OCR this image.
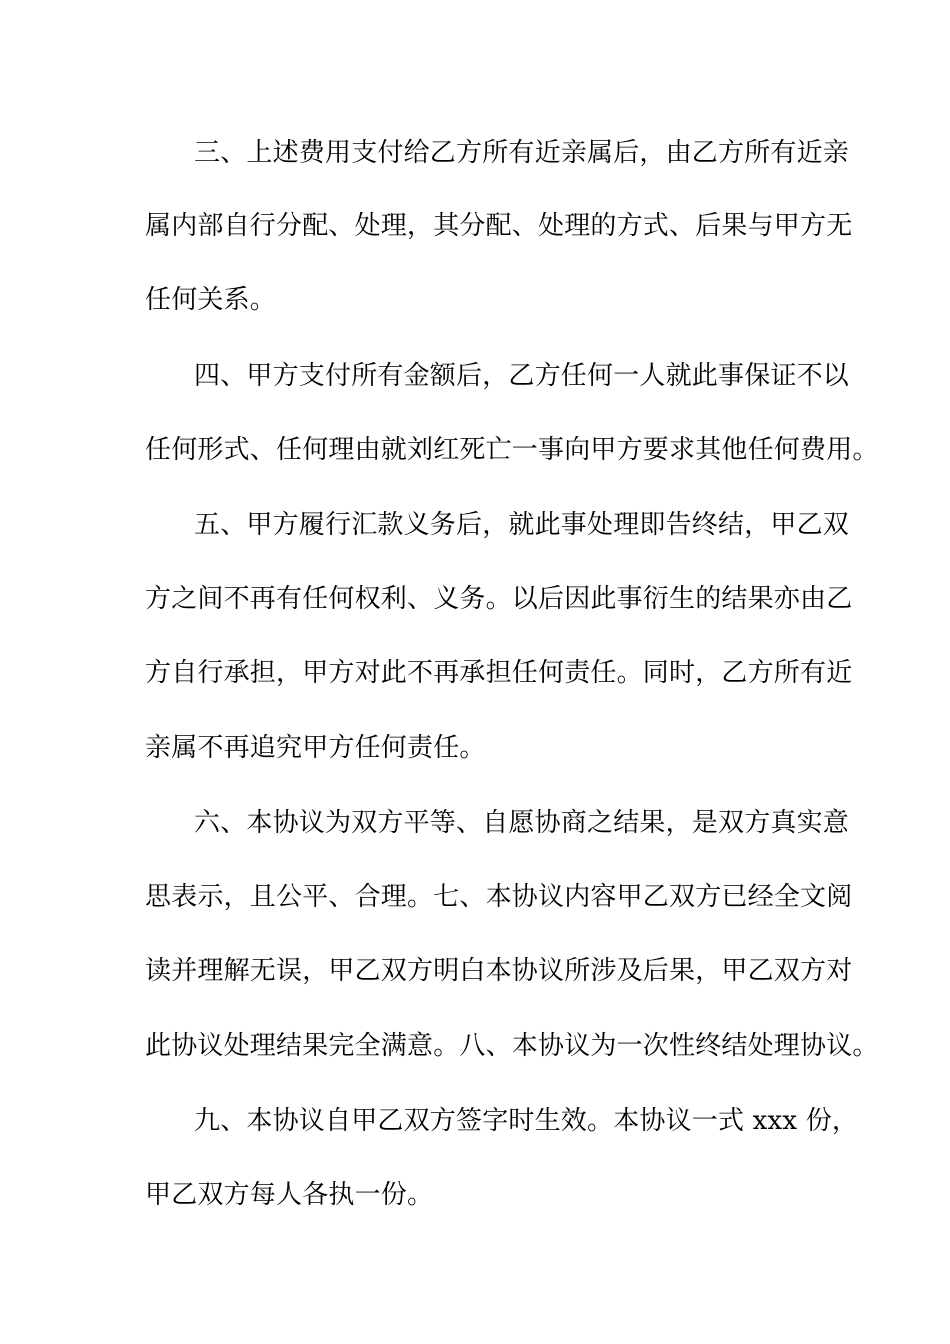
三、上述费用支付给乙方所有近亲属后，由乙方所有近亲
属内部自行分配、处理，其分配、处理的方式、后果与甲方无
任何关系。
四、甲方支付所有金额后，乙方任何一人就此事保证不以
任何形式、任何理由就刘红死亡一事向甲方要求其他任何费用。
五、甲方履行汇款义务后，就此事处理即告终结，甲乙双
方之间不再有任何权利、义务。以后因此事衍生的结果亦由乙
方自行承担，甲方对此不再承担任何责任。同时，乙方所有近
亲属不再追究甲方任何责任。
六、本协议为双方平等、自愿协商之结果，是双方真实意
思表示，且公平、合理。七、本协议内容甲乙双方已经全文阅
读并理解无误，甲乙双方明白本协议所涉及后果，甲乙双方对
此协议处理结果完全满意。八、本协议为一次性终结处理协议。
九、本协议自甲乙双方签字时生效。本协议一式 xxx 份，
甲乙双方每人各执一份。
